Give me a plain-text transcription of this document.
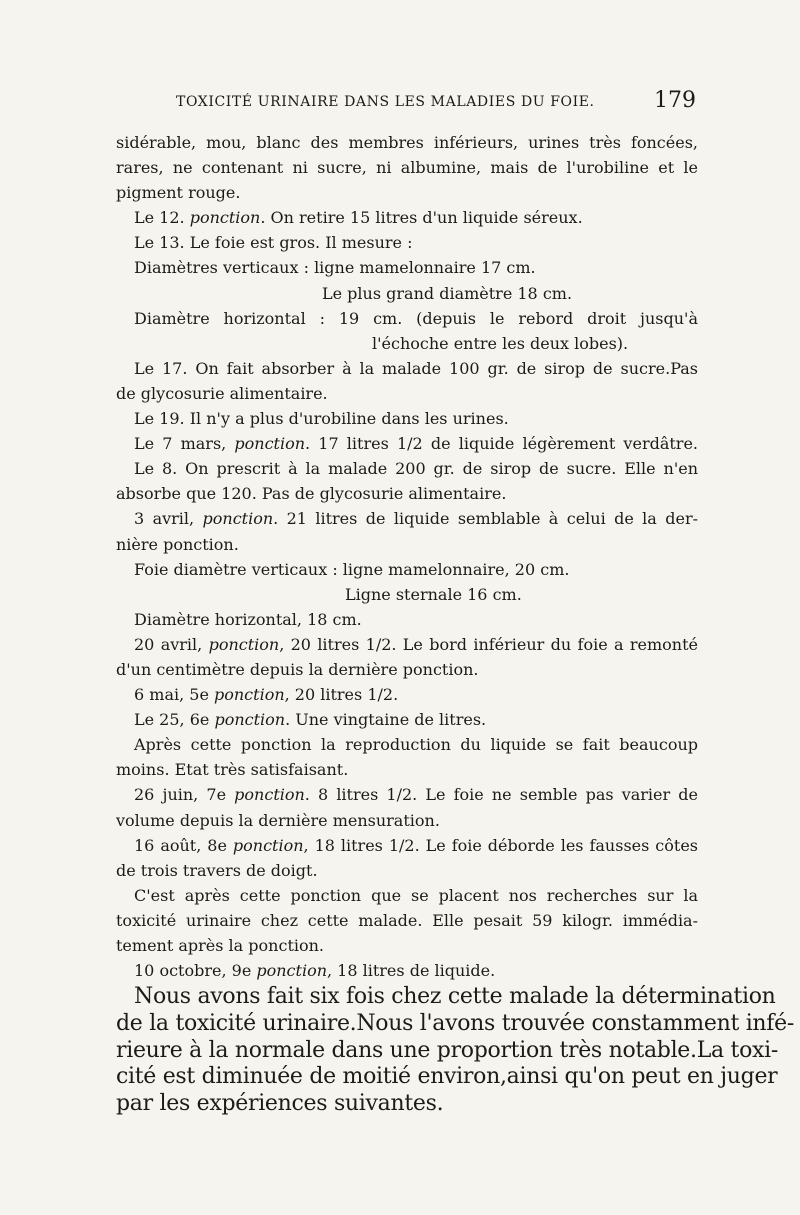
TOXICITÉ URINAIRE DANS LES MALADIES DU FOIE.	179
sidérable, mou, blanc des membres inférieurs, urines très foncées,
rares, ne contenant ni sucre, ni albumine, mais de l'urobiline et le
pigment rouge.
Le 12. ponction. On retire 15 litres d'un liquide séreux.
Le 13. Le foie est gros. Il mesure :
Diamètres verticaux : ligne mamelonnaire 17 cm.
Le plus grand diamètre 18 cm.
Diamètre horizontal : 19 cm. (depuis le rebord droit jusqu'à
l'échoche entre les deux lobes).
Le 17. On fait absorber à la malade 100 gr. de sirop de sucre.Pas
de glycosurie alimentaire.
Le 19. Il n'y a plus d'urobiline dans les urines.
Le 7 mars, ponction. 17 litres 1/2 de liquide légèrement verdâtre.
Le 8. On prescrit à la malade 200 gr. de sirop de sucre. Elle n'en
absorbe que 120. Pas de glycosurie alimentaire.
3 avril, ponction. 21 litres de liquide semblable à celui de la der-
nière ponction.
Foie diamètre verticaux : ligne mamelonnaire, 20 cm.
Ligne sternale 16 cm.
Diamètre horizontal, 18 cm.
20 avril, ponction, 20 litres 1/2. Le bord inférieur du foie a remonté
d'un centimètre depuis la dernière ponction.
6 mai, 5e ponction, 20 litres 1/2.
Le 25, 6e ponction. Une vingtaine de litres.
Après cette ponction la reproduction du liquide se fait beaucoup
moins. Etat très satisfaisant.
26 juin, 7e ponction. 8 litres 1/2. Le foie ne semble pas varier de
volume depuis la dernière mensuration.
16 août, 8e ponction, 18 litres 1/2. Le foie déborde les fausses côtes
de trois travers de doigt.
C'est après cette ponction que se placent nos recherches sur la
toxicité urinaire chez cette malade. Elle pesait 59 kilogr. immédia-
tement après la ponction.
10 octobre, 9e ponction, 18 litres de liquide.
Nous avons fait six fois chez cette malade la détermination
de la toxicité urinaire.Nous l'avons trouvée constamment infé-
rieure à la normale dans une proportion très notable.La toxi-
cité est diminuée de moitié environ,ainsi qu'on peut en juger
par les expériences suivantes.
